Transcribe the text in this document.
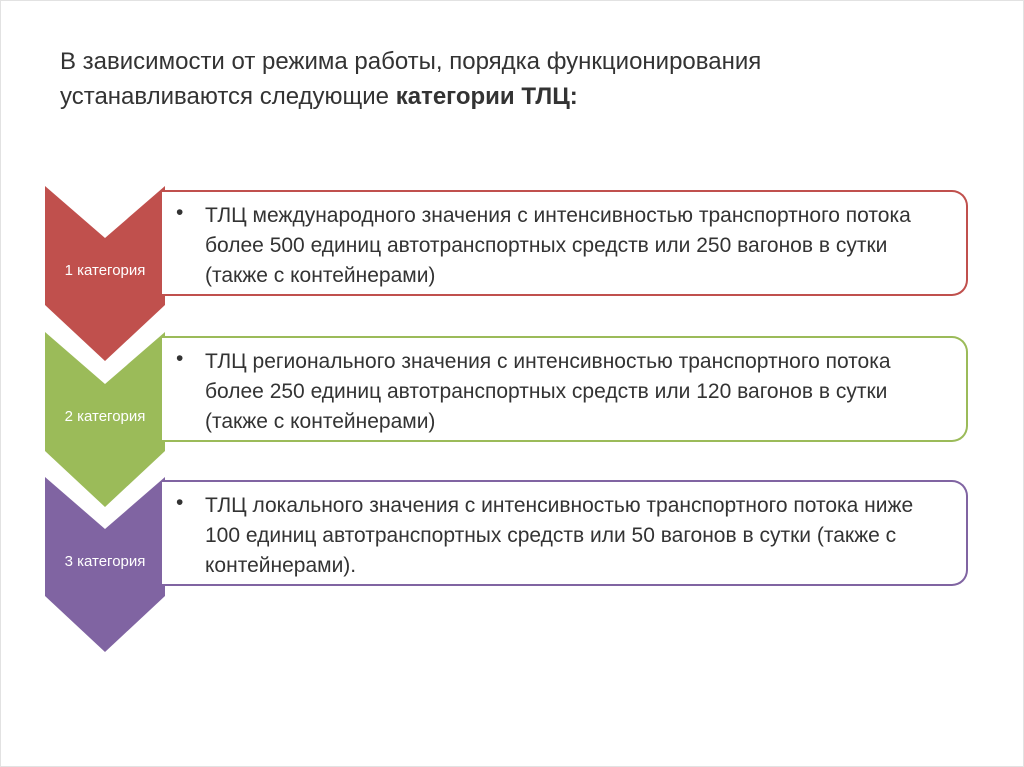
В зависимости от режима работы, порядка функционирования
устанавливаются следующие категории ТЛЦ:
1 категория
• ТЛЦ международного значения с интенсивностью транспортного потока более 500 единиц автотранспортных средств или 250 вагонов в сутки (также с контейнерами)
2 категория
• ТЛЦ регионального значения с интенсивностью транспортного потока более 250 единиц автотранспортных средств или 120 вагонов в сутки (также с контейнерами)
3 категория
• ТЛЦ локального значения с интенсивностью транспортного потока ниже 100 единиц автотранспортных средств или 50 вагонов в сутки (также с контейнерами).
